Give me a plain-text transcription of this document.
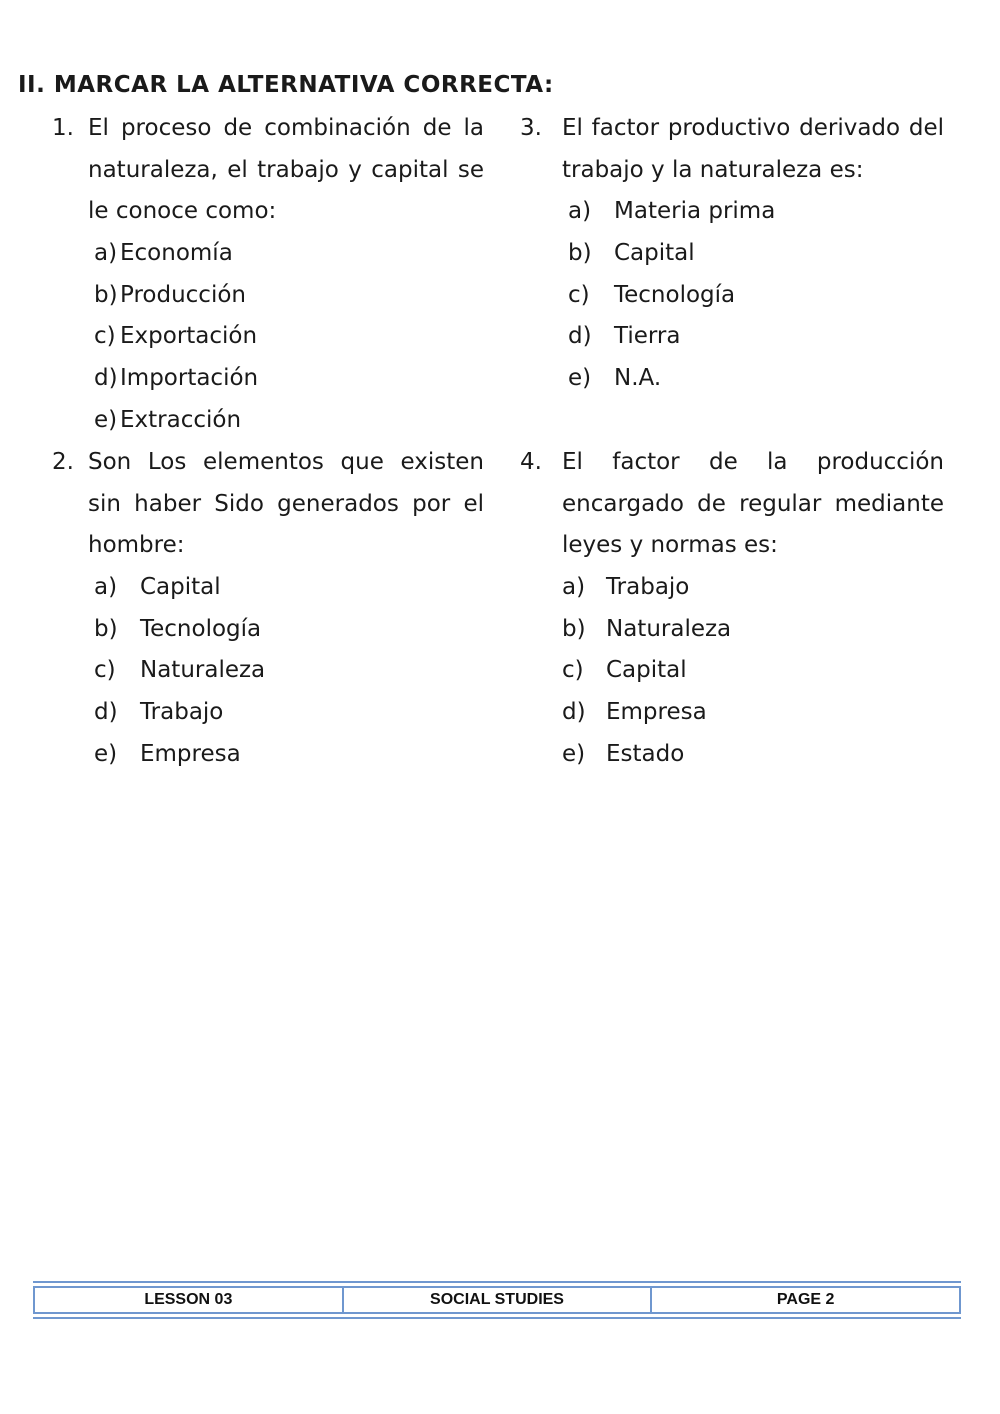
II. MARCAR LA ALTERNATIVA CORRECTA:
1. El proceso de combinación de la naturaleza, el trabajo y capital se le conoce como:
a) Economía
b) Producción
c) Exportación
d) Importación
e) Extracción
2. Son Los elementos que existen sin haber Sido generados por el hombre:
a) Capital
b) Tecnología
c) Naturaleza
d) Trabajo
e) Empresa
3. El factor productivo derivado del trabajo y la naturaleza es:
a) Materia prima
b) Capital
c) Tecnología
d) Tierra
e) N.A.
4. El factor de la producción encargado de regular mediante leyes y normas es:
a) Trabajo
b) Naturaleza
c) Capital
d) Empresa
e) Estado
LESSON 03	SOCIAL STUDIES	PAGE 2
